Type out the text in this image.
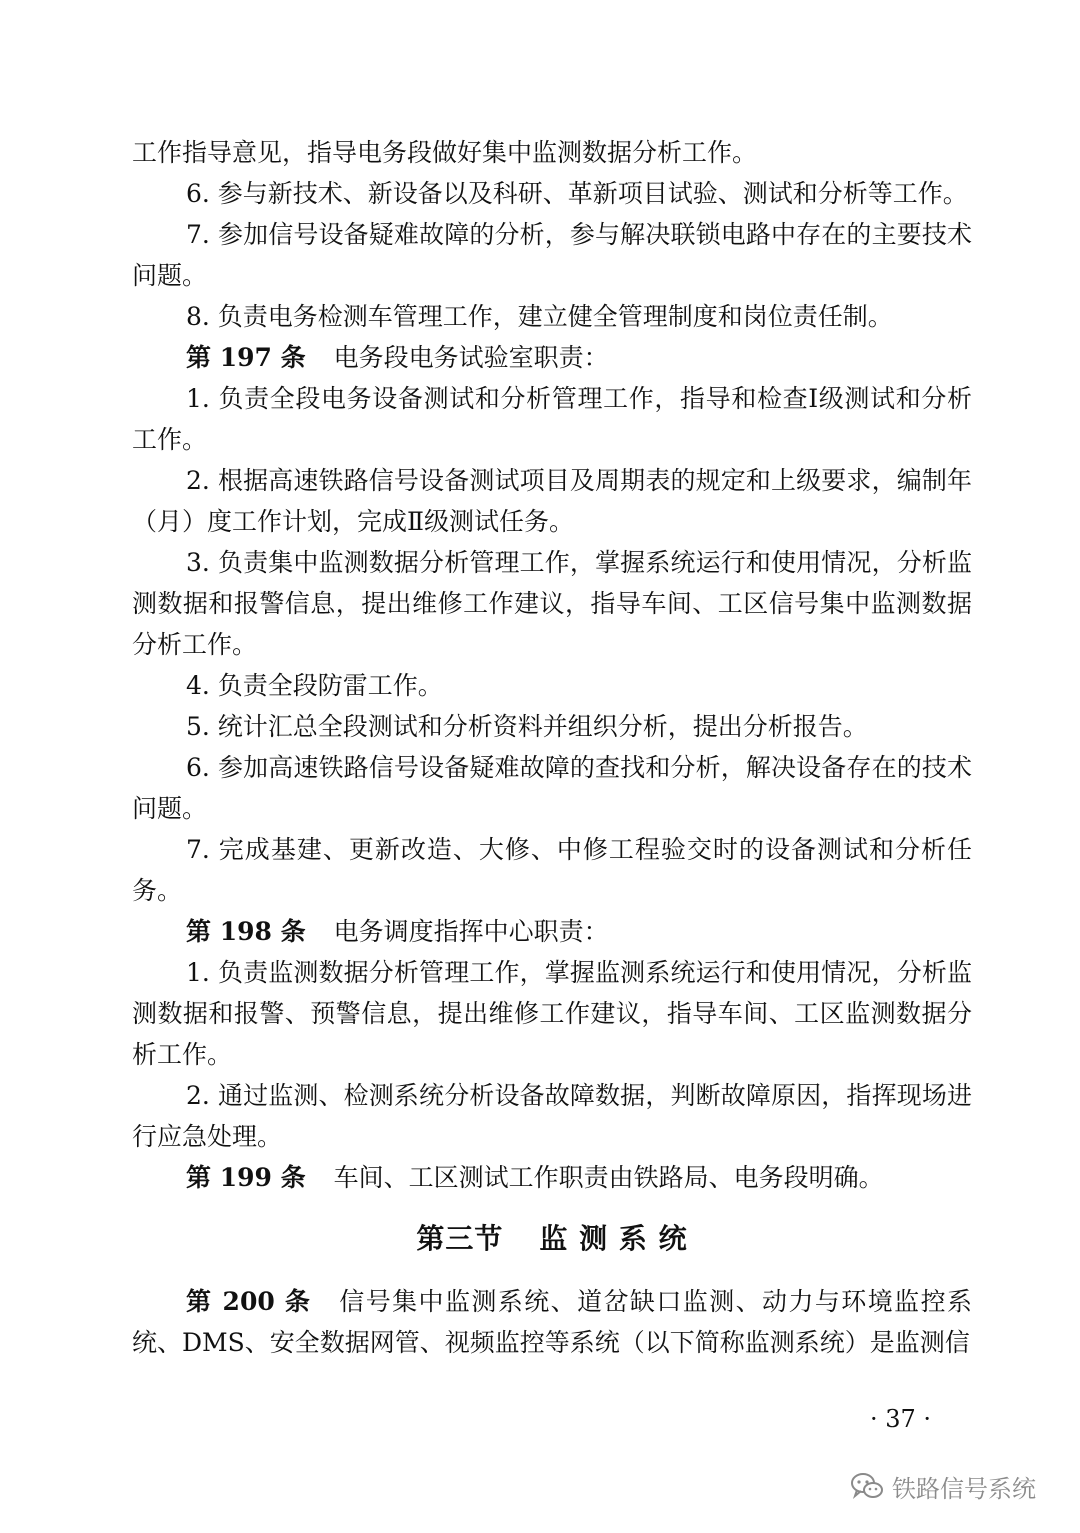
工作指导意见，指导电务段做好集中监测数据分析工作。

6. 参与新技术、新设备以及科研、革新项目试验、测试和分析等工作。

7. 参加信号设备疑难故障的分析，参与解决联锁电路中存在的主要技术问题。

8. 负责电务检测车管理工作，建立健全管理制度和岗位责任制。

第 197 条 电务段电务试验室职责：

1. 负责全段电务设备测试和分析管理工作，指导和检查Ⅰ级测试和分析工作。

2. 根据高速铁路信号设备测试项目及周期表的规定和上级要求，编制年（月）度工作计划，完成Ⅱ级测试任务。

3. 负责集中监测数据分析管理工作，掌握系统运行和使用情况，分析监测数据和报警信息，提出维修工作建议，指导车间、工区信号集中监测数据分析工作。

4. 负责全段防雷工作。

5. 统计汇总全段测试和分析资料并组织分析，提出分析报告。

6. 参加高速铁路信号设备疑难故障的查找和分析，解决设备存在的技术问题。

7. 完成基建、更新改造、大修、中修工程验交时的设备测试和分析任务。

第 198 条 电务调度指挥中心职责：

1. 负责监测数据分析管理工作，掌握监测系统运行和使用情况，分析监测数据和报警、预警信息，提出维修工作建议，指导车间、工区监测数据分析工作。

2. 通过监测、检测系统分析设备故障数据，判断故障原因，指挥现场进行应急处理。

第 199 条 车间、工区测试工作职责由铁路局、电务段明确。

第三节 监 测 系 统

第 200 条 信号集中监测系统、道岔缺口监测、动力与环境监控系统、DMS、安全数据网管、视频监控等系统（以下简称监测系统）是监测信

· 37 ·
铁路信号系统
